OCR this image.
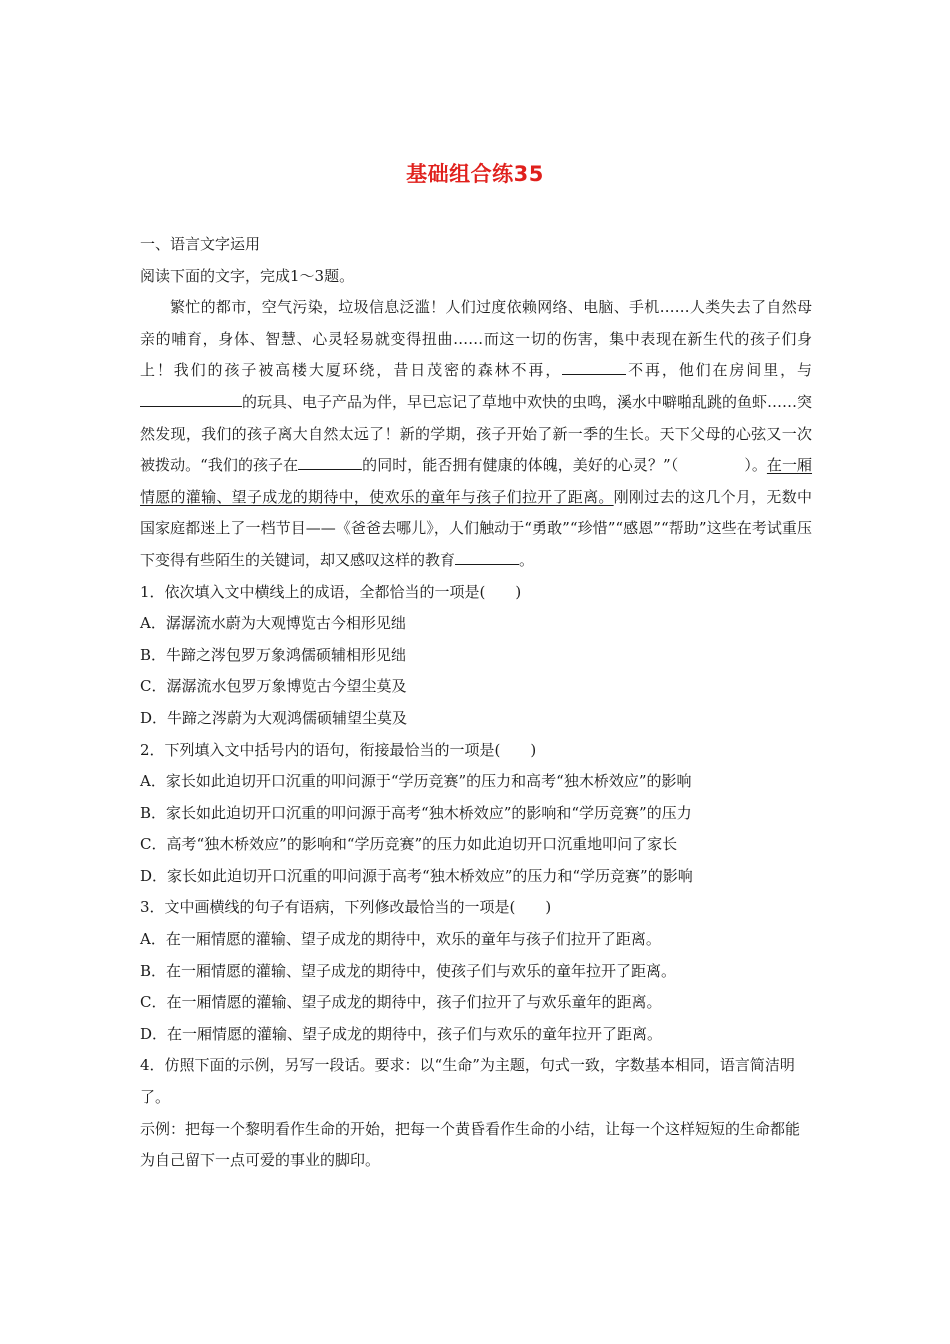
基础组合练35

一、语言文字运用

阅读下面的文字，完成1～3题。

繁忙的都市，空气污染，垃圾信息泛滥！人们过度依赖网络、电脑、手机……人类失去了自然母亲的哺育，身体、智慧、心灵轻易就变得扭曲……而这一切的伤害，集中表现在新生代的孩子们身上！我们的孩子被高楼大厦环绕，昔日茂密的森林不再，	不再，他们在房间里，与的玩具、电子产品为伴，早已忘记了草地中欢快的虫鸣，溪水中噼啪乱跳的鱼虾……突然发现，我们的孩子离大自然太远了！新的学期，孩子开始了新一季的生长。天下父母的心弦又一次被拨动。“我们的孩子在	的同时，能否拥有健康的体魄，美好的心灵？”（	）。在一厢情愿的灌输、望子成龙的期待中，使欢乐的童年与孩子们拉开了距离。刚刚过去的这几个月，无数中国家庭都迷上了一档节目——《爸爸去哪儿》，人们触动于“勇敢”“珍惜”“感恩”“帮助”这些在考试重压下变得有些陌生的关键词，却又感叹这样的教育	。

1．依次填入文中横线上的成语，全都恰当的一项是(　　)

A．潺潺流水蔚为大观博览古今相形见绌

B．牛蹄之涔包罗万象鸿儒硕辅相形见绌

C．潺潺流水包罗万象博览古今望尘莫及

D．牛蹄之涔蔚为大观鸿儒硕辅望尘莫及

2．下列填入文中括号内的语句，衔接最恰当的一项是(　　)

A．家长如此迫切开口沉重的叩问源于“学历竞赛”的压力和高考“独木桥效应”的影响

B．家长如此迫切开口沉重的叩问源于高考“独木桥效应”的影响和“学历竞赛”的压力

C．高考“独木桥效应”的影响和“学历竞赛”的压力如此迫切开口沉重地叩问了家长

D．家长如此迫切开口沉重的叩问源于高考“独木桥效应”的压力和“学历竞赛”的影响

3．文中画横线的句子有语病，下列修改最恰当的一项是(　　)

A．在一厢情愿的灌输、望子成龙的期待中，欢乐的童年与孩子们拉开了距离。

B．在一厢情愿的灌输、望子成龙的期待中，使孩子们与欢乐的童年拉开了距离。

C．在一厢情愿的灌输、望子成龙的期待中，孩子们拉开了与欢乐童年的距离。

D．在一厢情愿的灌输、望子成龙的期待中，孩子们与欢乐的童年拉开了距离。

4．仿照下面的示例，另写一段话。要求：以“生命”为主题，句式一致，字数基本相同，语言简洁明了。

示例：把每一个黎明看作生命的开始，把每一个黄昏看作生命的小结，让每一个这样短短的生命都能为自己留下一点可爱的事业的脚印。
